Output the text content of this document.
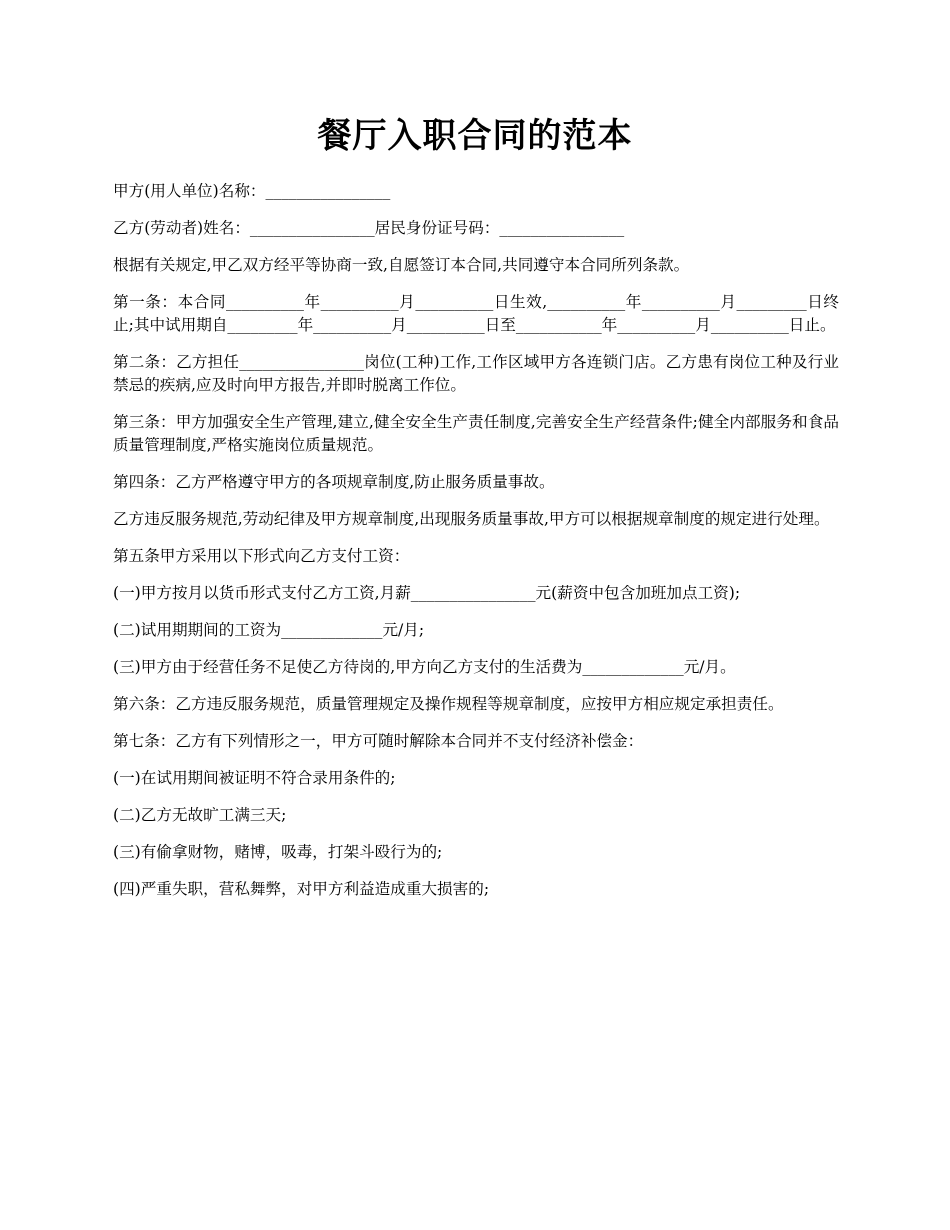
餐厅入职合同的范本

甲方(用人单位)名称：________________

乙方(劳动者)姓名：________________居民身份证号码：________________

根据有关规定,甲乙双方经平等协商一致,自愿签订本合同,共同遵守本合同所列条款。

第一条：本合同__________年__________月__________日生效,__________年__________月_________日终止;其中试用期自_________年__________月__________日至___________年__________月__________日止。

第二条：乙方担任________________岗位(工种)工作,工作区域甲方各连锁门店。乙方患有岗位工种及行业禁忌的疾病,应及时向甲方报告,并即时脱离工作位。

第三条：甲方加强安全生产管理,建立,健全安全生产责任制度,完善安全生产经营条件;健全内部服务和食品质量管理制度,严格实施岗位质量规范。

第四条：乙方严格遵守甲方的各项规章制度,防止服务质量事故。

乙方违反服务规范,劳动纪律及甲方规章制度,出现服务质量事故,甲方可以根据规章制度的规定进行处理。

第五条甲方采用以下形式向乙方支付工资：

(一)甲方按月以货币形式支付乙方工资,月薪________________元(薪资中包含加班加点工资);

(二)试用期期间的工资为_____________元/月;

(三)甲方由于经营任务不足使乙方待岗的,甲方向乙方支付的生活费为_____________元/月。

第六条：乙方违反服务规范，质量管理规定及操作规程等规章制度，应按甲方相应规定承担责任。

第七条：乙方有下列情形之一，甲方可随时解除本合同并不支付经济补偿金：

(一)在试用期间被证明不符合录用条件的;

(二)乙方无故旷工满三天;

(三)有偷拿财物，赌博，吸毒，打架斗殴行为的;

(四)严重失职，营私舞弊，对甲方利益造成重大损害的;
